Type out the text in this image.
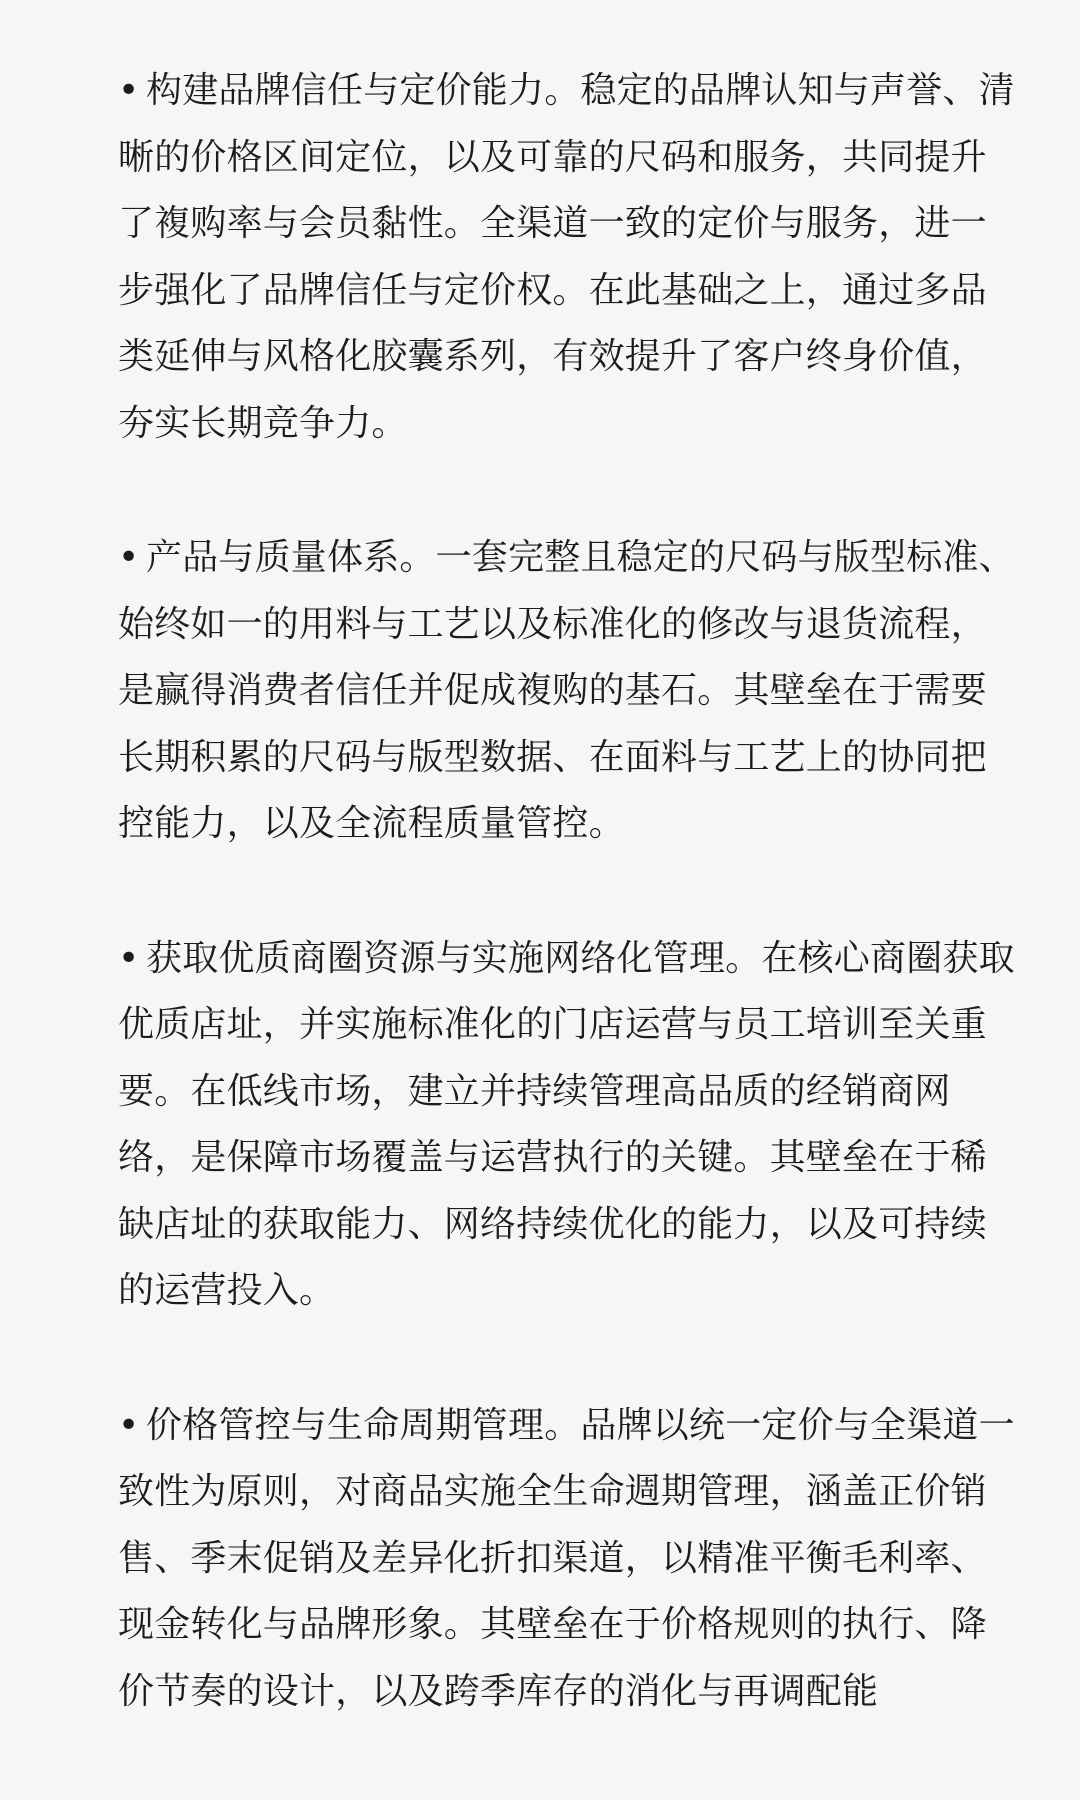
• 构建品牌信任与定价能力。稳定的品牌认知与声誉、清晰的价格区间定位，以及可靠的尺码和服务，共同提升了複购率与会员黏性。全渠道一致的定价与服务，进一步强化了品牌信任与定价权。在此基础之上，通过多品类延伸与风格化胶囊系列，有效提升了客户终身价值，夯实长期竞争力。

• 产品与质量体系。一套完整且稳定的尺码与版型标准、始终如一的用料与工艺以及标准化的修改与退货流程，是赢得消费者信任并促成複购的基石。其壁垒在于需要长期积累的尺码与版型数据、在面料与工艺上的协同把控能力，以及全流程质量管控。

• 获取优质商圈资源与实施网络化管理。在核心商圈获取优质店址，并实施标准化的门店运营与员工培训至关重要。在低线市场，建立并持续管理高品质的经销商网络，是保障市场覆盖与运营执行的关键。其壁垒在于稀缺店址的获取能力、网络持续优化的能力，以及可持续的运营投入。

• 价格管控与生命周期管理。品牌以统一定价与全渠道一致性为原则，对商品实施全生命週期管理，涵盖正价销售、季末促销及差异化折扣渠道，以精准平衡毛利率、现金转化与品牌形象。其壁垒在于价格规则的执行、降价节奏的设计，以及跨季库存的消化与再调配能
